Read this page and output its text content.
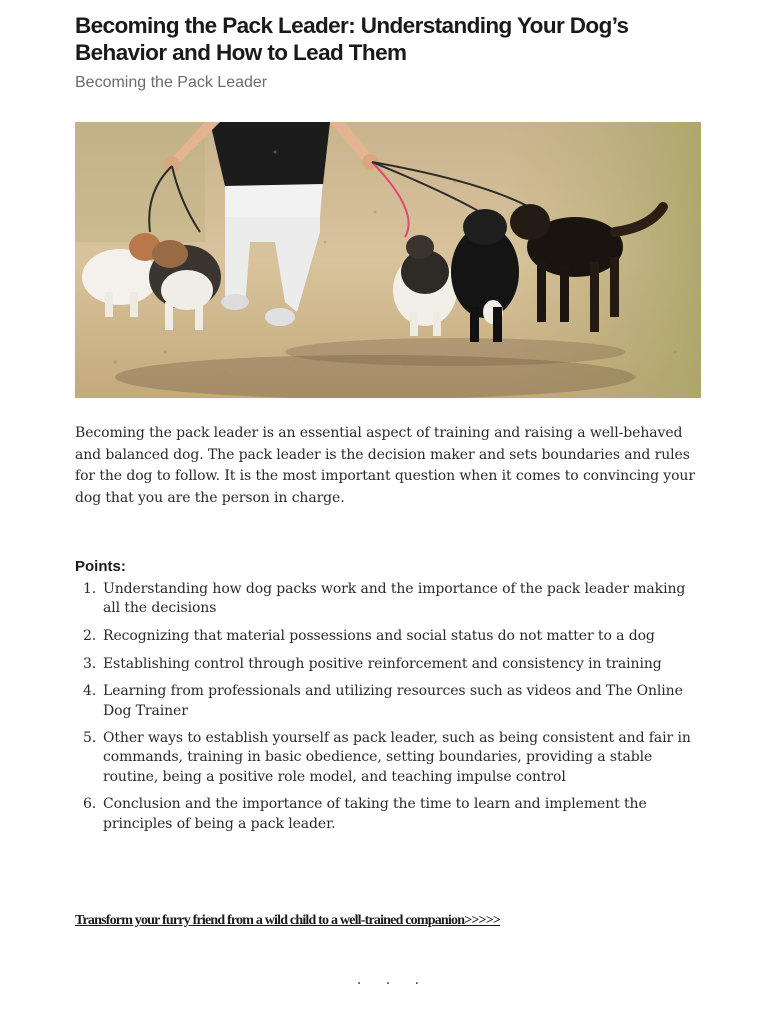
Becoming the Pack Leader: Understanding Your Dog’s Behavior and How to Lead Them

Becoming the Pack Leader

Becoming the pack leader is an essential aspect of training and raising a well-behaved and balanced dog. The pack leader is the decision maker and sets boundaries and rules for the dog to follow. It is the most important question when it comes to convincing your dog that you are the person in charge.

Points:
1. Understanding how dog packs work and the importance of the pack leader making all the decisions
2. Recognizing that material possessions and social status do not matter to a dog
3. Establishing control through positive reinforcement and consistency in training
4. Learning from professionals and utilizing resources such as videos and The Online Dog Trainer
5. Other ways to establish yourself as pack leader, such as being consistent and fair in commands, training in basic obedience, setting boundaries, providing a stable routine, being a positive role model, and teaching impulse control
6. Conclusion and the importance of taking the time to learn and implement the principles of being a pack leader.
Transform your furry friend from a wild child to a well-trained companion>>>>>
· · ·
